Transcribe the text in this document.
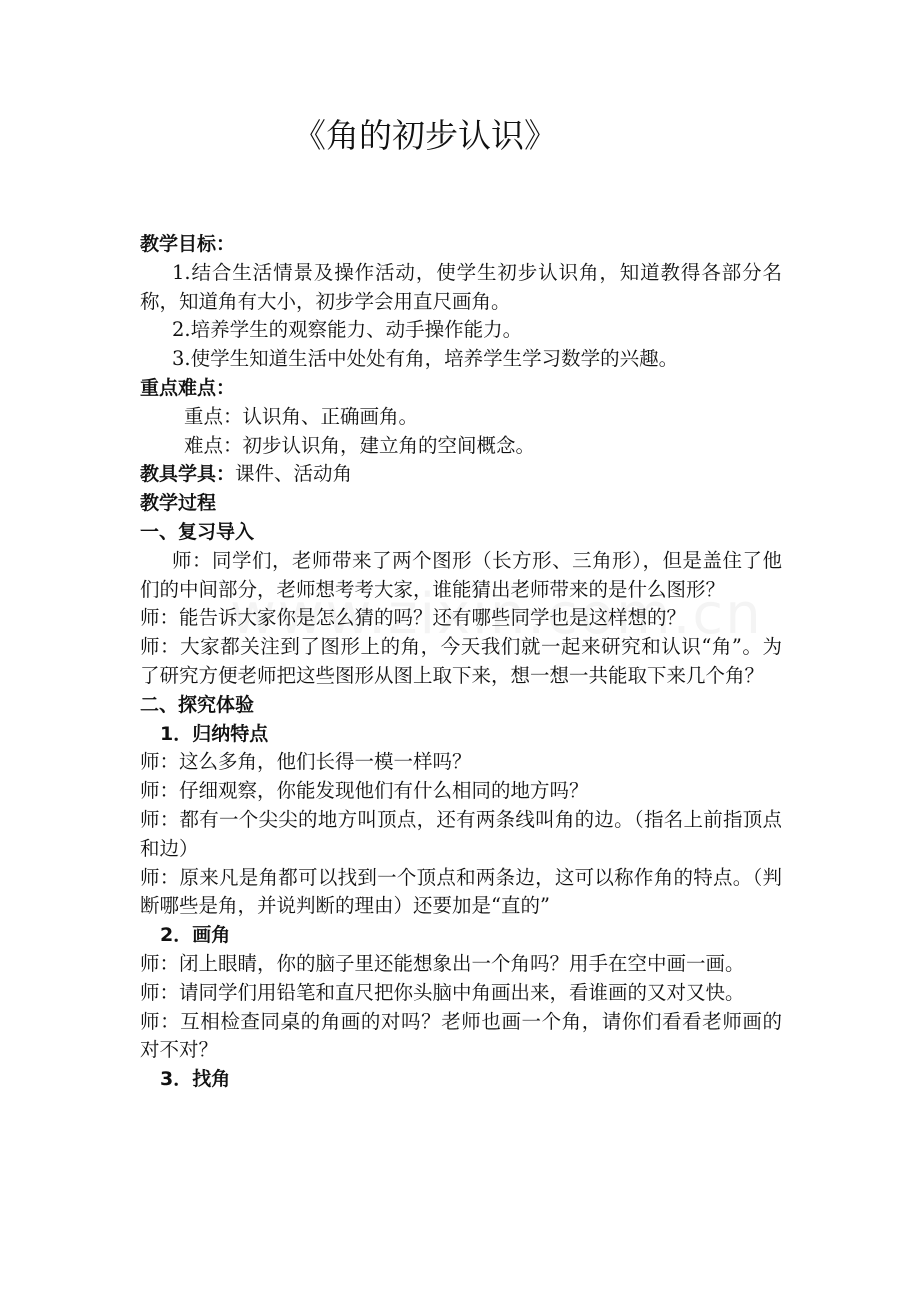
《角的初步认识》

教学目标：

1.结合生活情景及操作活动，使学生初步认识角，知道教得各部分名称，知道角有大小，初步学会用直尺画角。

2.培养学生的观察能力、动手操作能力。

3.使学生知道生活中处处有角，培养学生学习数学的兴趣。

重点难点：

重点：认识角、正确画角。

难点：初步认识角，建立角的空间概念。

教具学具：课件、活动角

教学过程

一、复习导入

师：同学们，老师带来了两个图形（长方形、三角形），但是盖住了他们的中间部分，老师想考考大家，谁能猜出老师带来的是什么图形？

师：能告诉大家你是怎么猜的吗？还有哪些同学也是这样想的？

师：大家都关注到了图形上的角，今天我们就一起来研究和认识“角”。为了研究方便老师把这些图形从图上取下来，想一想一共能取下来几个角？

二、探究体验

1．归纳特点

师：这么多角，他们长得一模一样吗？

师：仔细观察，你能发现他们有什么相同的地方吗？

师：都有一个尖尖的地方叫顶点，还有两条线叫角的边。（指名上前指顶点和边）

师：原来凡是角都可以找到一个顶点和两条边，这可以称作角的特点。（判断哪些是角，并说判断的理由）还要加是“直的”

2．画角

师：闭上眼睛，你的脑子里还能想象出一个角吗？用手在空中画一画。

师：请同学们用铅笔和直尺把你头脑中角画出来，看谁画的又对又快。

师：互相检查同桌的角画的对吗？老师也画一个角，请你们看看老师画的对不对？

3．找角
